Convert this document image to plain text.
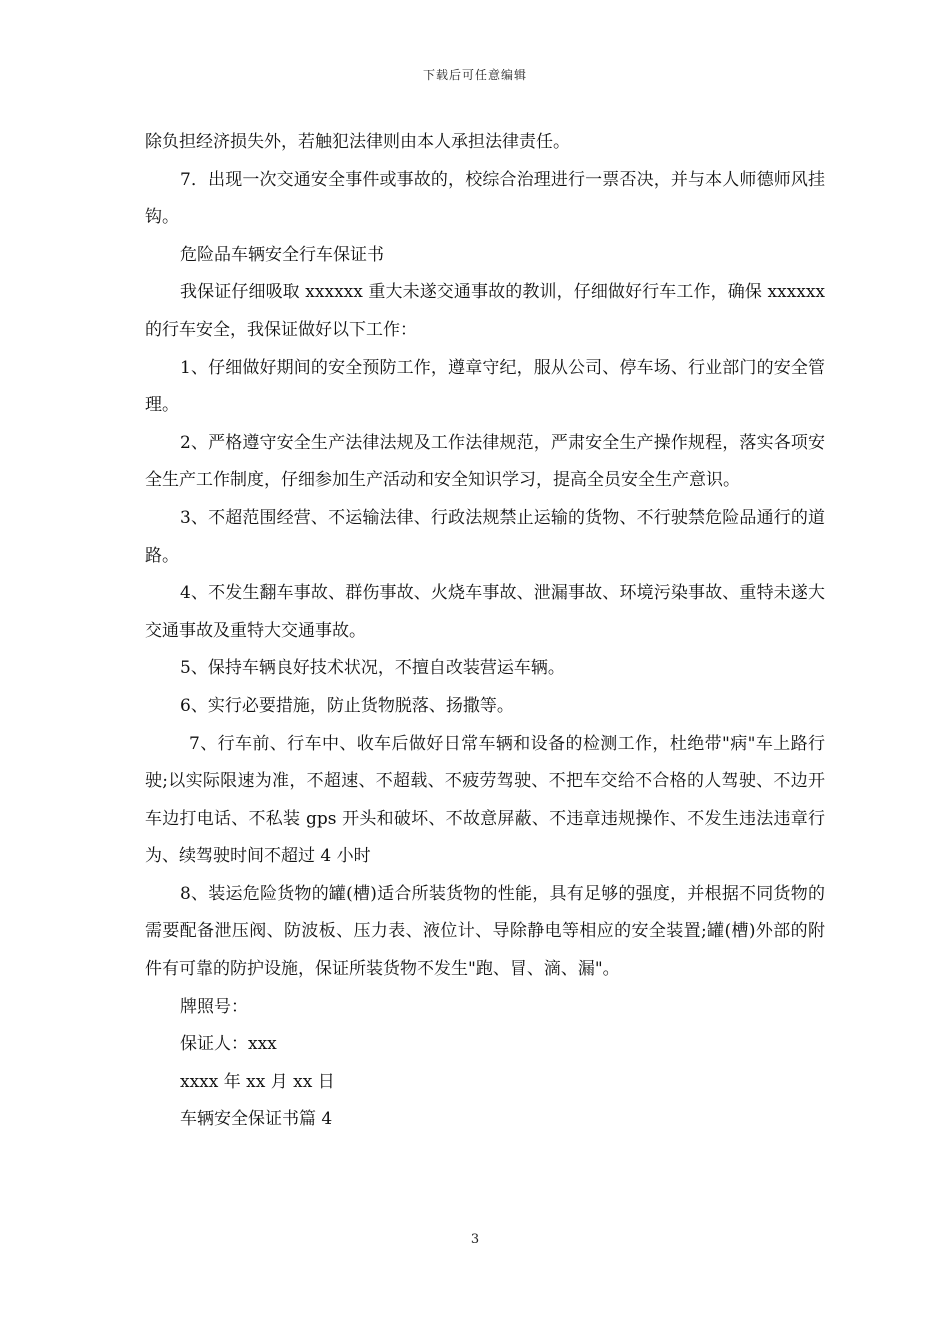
下载后可任意编辑

除负担经济损失外，若触犯法律则由本人承担法律责任。

7．出现一次交通安全事件或事故的，校综合治理进行一票否决，并与本人师德师风挂钩。

危险品车辆安全行车保证书

我保证仔细吸取 xxxxxx 重大未遂交通事故的教训，仔细做好行车工作，确保 xxxxxx 的行车安全，我保证做好以下工作：

1、仔细做好期间的安全预防工作，遵章守纪，服从公司、停车场、行业部门的安全管理。

2、严格遵守安全生产法律法规及工作法律规范，严肃安全生产操作规程，落实各项安全生产工作制度，仔细参加生产活动和安全知识学习，提高全员安全生产意识。

3、不超范围经营、不运输法律、行政法规禁止运输的货物、不行驶禁危险品通行的道路。

4、不发生翻车事故、群伤事故、火烧车事故、泄漏事故、环境污染事故、重特未遂大交通事故及重特大交通事故。

5、保持车辆良好技术状况，不擅自改装营运车辆。

6、实行必要措施，防止货物脱落、扬撒等。

7、行车前、行车中、收车后做好日常车辆和设备的检测工作，杜绝带"病"车上路行驶;以实际限速为准，不超速、不超载、不疲劳驾驶、不把车交给不合格的人驾驶、不边开车边打电话、不私装 gps 开头和破坏、不故意屏蔽、不违章违规操作、不发生违法违章行为、续驾驶时间不超过 4 小时

8、装运危险货物的罐(槽)适合所装货物的性能，具有足够的强度，并根据不同货物的需要配备泄压阀、防波板、压力表、液位计、导除静电等相应的安全装置;罐(槽)外部的附件有可靠的防护设施，保证所装货物不发生"跑、冒、滴、漏"。

牌照号：

保证人：xxx

xxxx 年 xx 月 xx 日

车辆安全保证书篇 4

3
